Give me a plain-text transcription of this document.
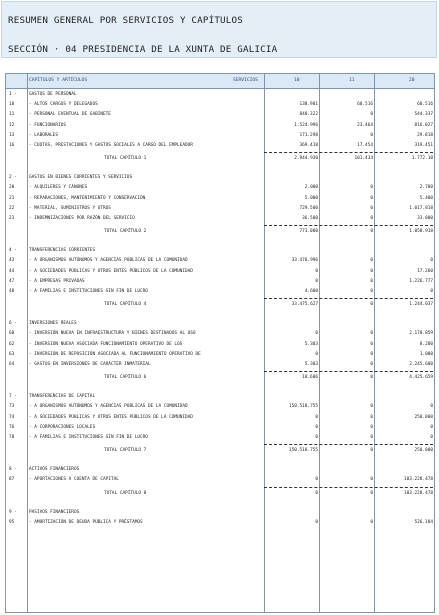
RESUMEN GENERAL POR SERVICIOS Y CAPÍTULOS
SECCIÓN · 04 PRESIDENCIA DE LA XUNTA DE GALICIA
CAPÍTULOS Y ARTÍCULOS	SERVICIOS	10	11	20
1 -	GASTOS DE PERSONAL
10	- ALTOS CARGOS Y DELEGADOS	138.901	60.516	60.516
11	- PERSONAL EVENTUAL DE GABINETE	840.322	0	544.337
12	- FUNCIONARIOS	1.524.996	23.464	816.027
13	- LABORALES	171.298	0	29.818
16	- CUOTAS, PRESTACIONES Y GASTOS SOCIALES A CARGO DEL EMPLEADOR	369.418	17.454	319.451
TOTAL CAPÍTULO 1	2.944.930	101.434	1.772.10
2 -	GASTOS EN BIENES CORRIENTES Y SERVICIOS
20	- ALQUILERES Y CÁNONES	2.000	0	2.700
21	- REPARACIONES, MANTENIMIENTO Y CONSERVACIÓN	5.000	0	5.400
22	- MATERIAL, SUMINISTROS Y OTROS	729.500	0	1.017.818
23	- INDEMNIZACIONES POR RAZÓN DEL SERVICIO	36.500	0	33.000
TOTAL CAPÍTULO 2	773.000	0	1.058.918
4 -	TRANSFERENCIAS CORRIENTES
43	- A ORGANISMOS AUTÓNOMOS Y AGENCIAS PÚBLICAS DE LA COMUNIDAD	33.470.996	0	0
44	- A SOCIEDADES PÚBLICAS Y OTROS ENTES PÚBLICOS DE LA COMUNIDAD	0	0	17.260
47	- A EMPRESAS PRIVADAS	0	0	1.226.777
48	- A FAMILIAS E INSTITUCIONES SIN FIN DE LUCRO	4.600	0	0
TOTAL CAPÍTULO 4	33.475.627	0	1.244.037
6 -	INVERSIONES REALES
60	- INVERSIÓN NUEVA EN INFRAESTRUCTURA Y BIENES DESTINADOS AL USO	0	0	2.170.859
62	- INVERSIÓN NUEVA ASOCIADA FUNCIONAMIENTO OPERATIVO DE LOS	5.303	0	8.200
63	- INVERSIÓN DE REPOSICIÓN ASOCIADA AL FUNCIONAMIENTO OPERATIVO DE	0	0	1.000
64	- GASTOS EN INVERSIONES DE CARÁCTER INMATERIAL	5.303	0	2.245.600
TOTAL CAPÍTULO 6	10.606	0	4.425.659
7 -	TRANSFERENCIAS DE CAPITAL
73	- A ORGANISMOS AUTÓNOMOS Y AGENCIAS PÚBLICAS DE LA COMUNIDAD	150.518.755	0	0
74	- A SOCIEDADES PÚBLICAS Y OTROS ENTES PÚBLICOS DE LA COMUNIDAD	0	0	250.000
76	- A CORPORACIONES LOCALES	0	0	0
78	- A FAMILIAS E INSTITUCIONES SIN FIN DE LUCRO	0	0	0
TOTAL CAPÍTULO 7	150.518.755	0	250.000
8 -	ACTIVOS FINANCIEROS
87	- APORTACIONES A CUENTA DE CAPITAL	0	0	103.228.478
TOTAL CAPÍTULO 8	0	0	103.228.478
9 -	PASIVOS FINANCIEROS
95	- AMORTIZACIÓN DE DEUDA PÚBLICA Y PRÉSTAMOS	0	0	526.104
